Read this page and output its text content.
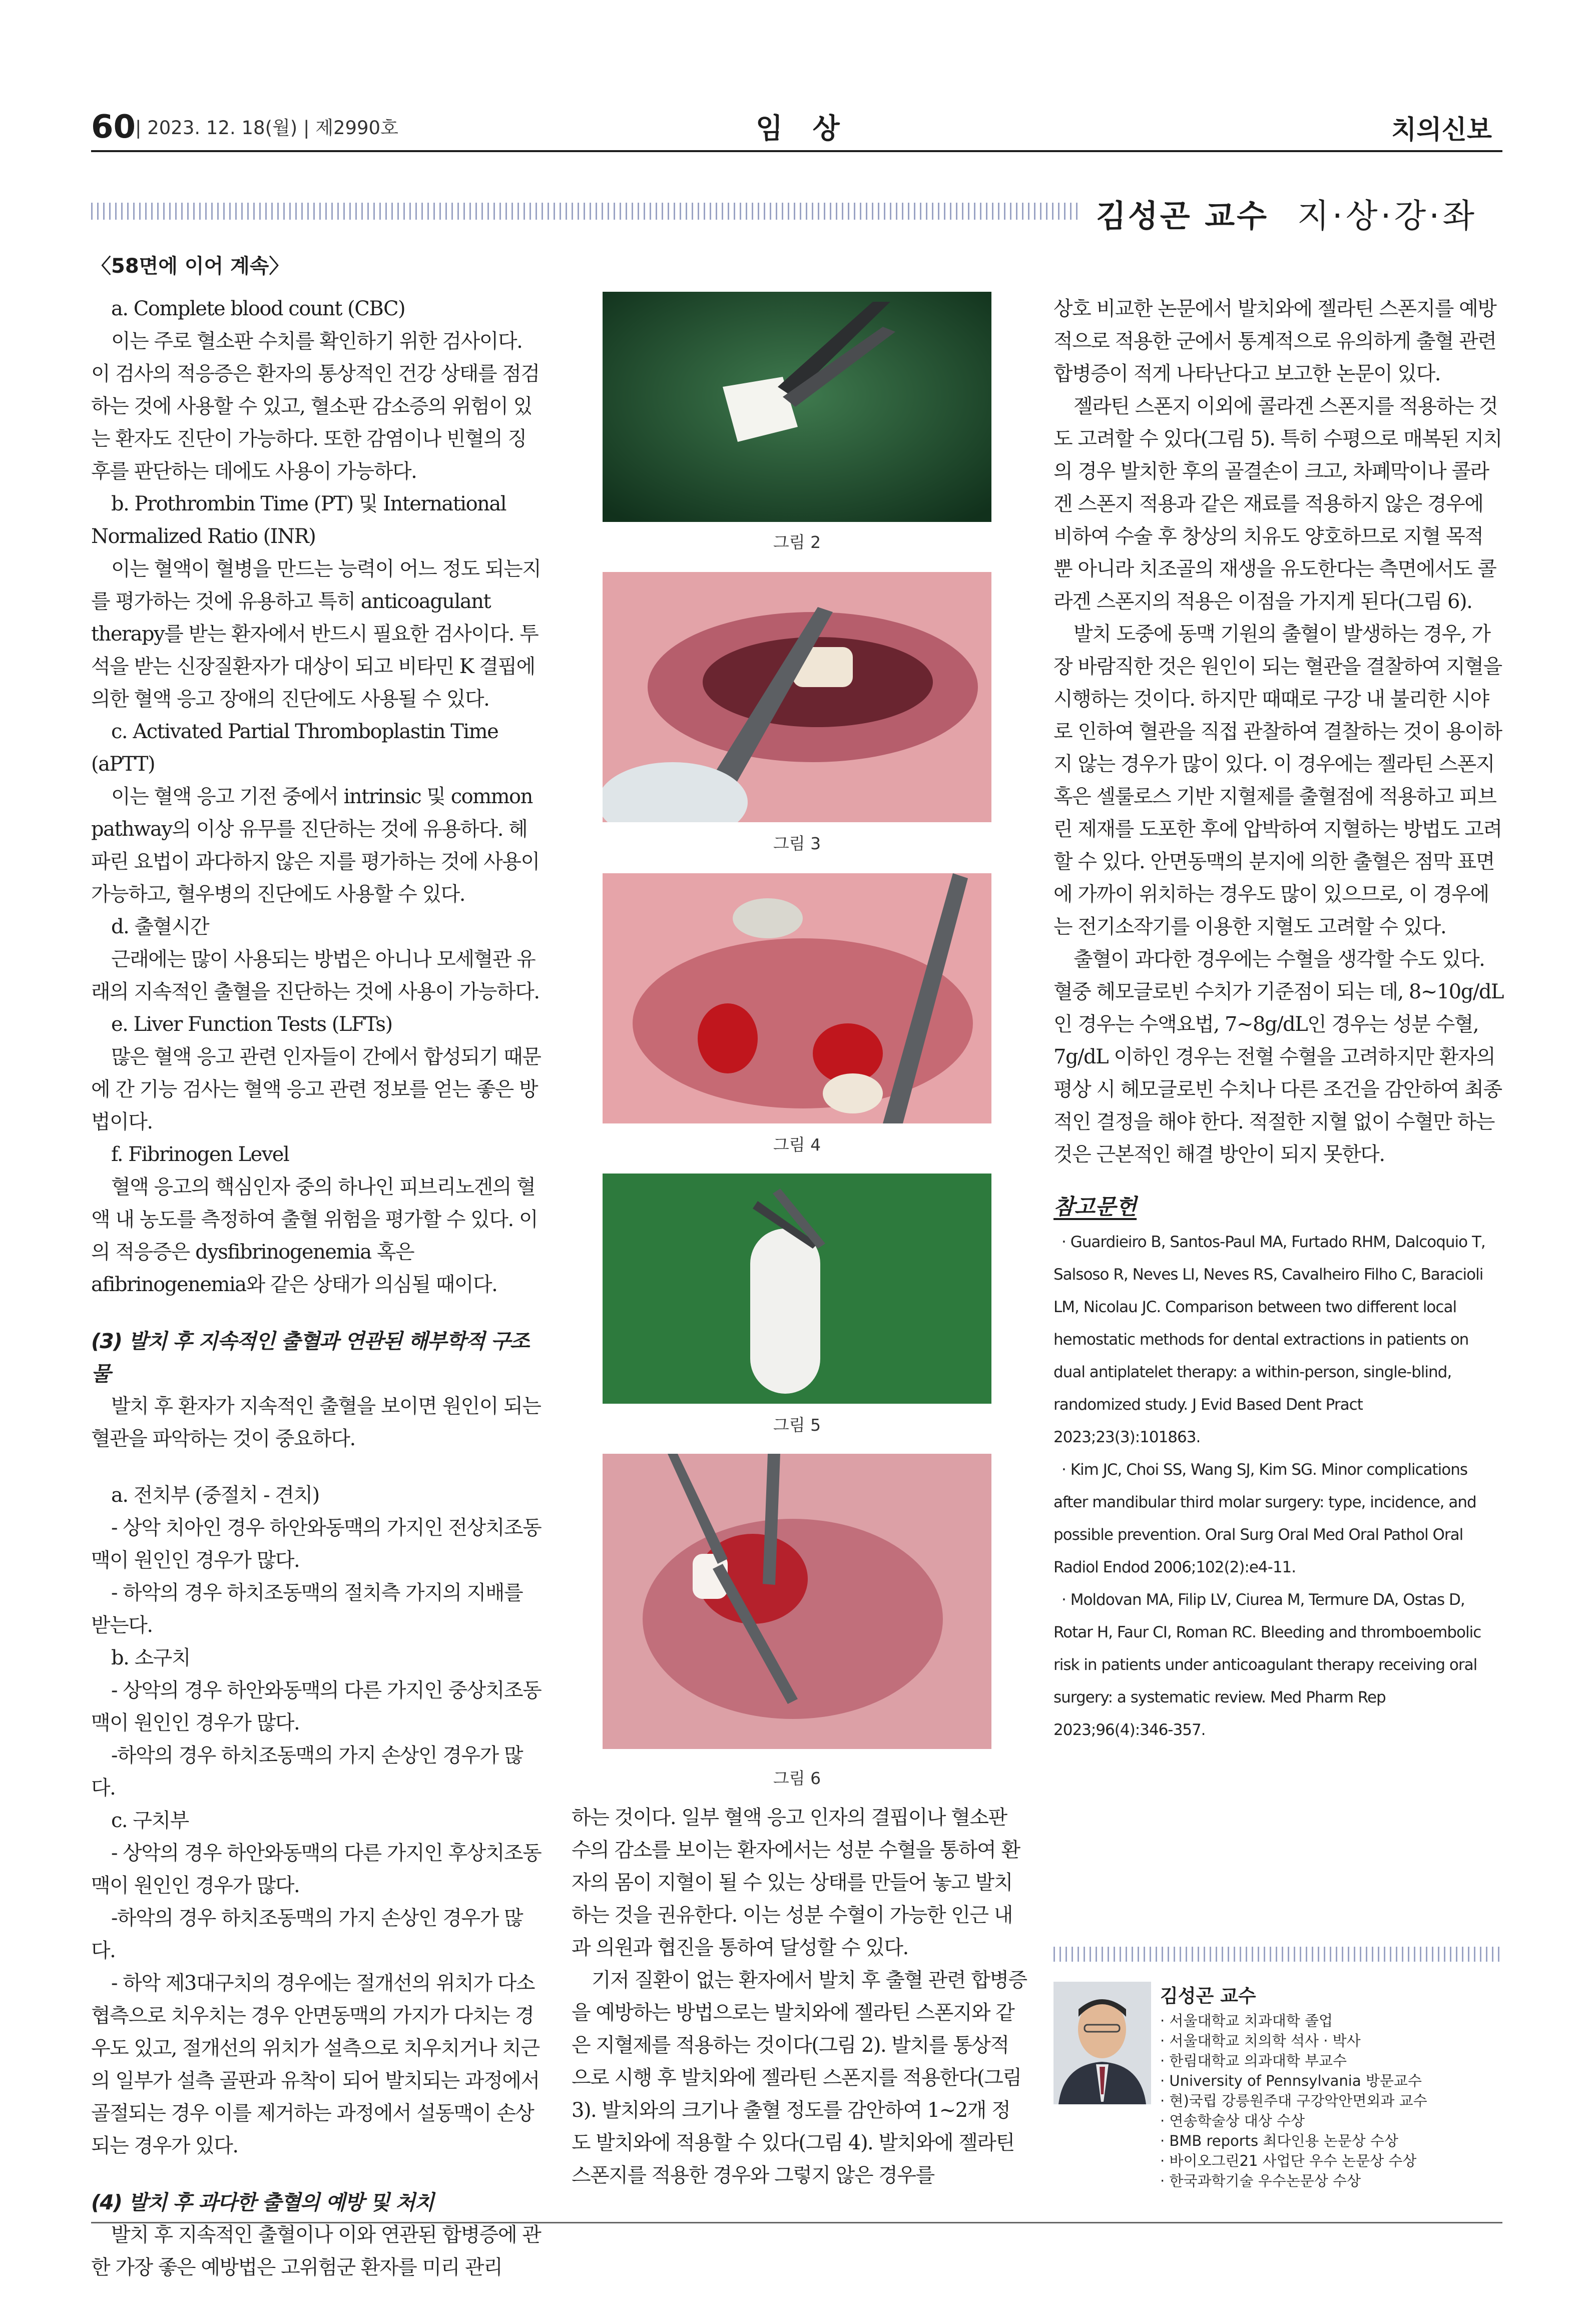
60
| 2023. 12. 18(월) | 제2990호	임 상	치의신보
김성곤 교수 지·상·강·좌
〈58면에 이어 계속〉

a. Complete blood count (CBC)

이는 주로 혈소판 수치를 확인하기 위한 검사이다. 이 검사의 적응증은 환자의 통상적인 건강 상태를 점검하는 것에 사용할 수 있고, 혈소판 감소증의 위험이 있는 환자도 진단이 가능하다. 또한 감염이나 빈혈의 징후를 판단하는 데에도 사용이 가능하다.

b. Prothrombin Time (PT) 및 International Normalized Ratio (INR)

이는 혈액이 혈병을 만드는 능력이 어느 정도 되는지를 평가하는 것에 유용하고 특히 anticoagulant therapy를 받는 환자에서 반드시 필요한 검사이다. 투석을 받는 신장질환자가 대상이 되고 비타민 K 결핍에 의한 혈액 응고 장애의 진단에도 사용될 수 있다.

c. Activated Partial Thromboplastin Time (aPTT)

이는 혈액 응고 기전 중에서 intrinsic 및 common pathway의 이상 유무를 진단하는 것에 유용하다. 헤파린 요법이 과다하지 않은 지를 평가하는 것에 사용이 가능하고, 혈우병의 진단에도 사용할 수 있다.

d. 출혈시간

근래에는 많이 사용되는 방법은 아니나 모세혈관 유래의 지속적인 출혈을 진단하는 것에 사용이 가능하다.

e. Liver Function Tests (LFTs)

많은 혈액 응고 관련 인자들이 간에서 합성되기 때문에 간 기능 검사는 혈액 응고 관련 정보를 얻는 좋은 방법이다.

f. Fibrinogen Level

혈액 응고의 핵심인자 중의 하나인 피브리노겐의 혈액 내 농도를 측정하여 출혈 위험을 평가할 수 있다. 이의 적응증은 dysfibrinogenemia 혹은 afibrinogenemia와 같은 상태가 의심될 때이다.

(3) 발치 후 지속적인 출혈과 연관된 해부학적 구조물

발치 후 환자가 지속적인 출혈을 보이면 원인이 되는 혈관을 파악하는 것이 중요하다.

a. 전치부 (중절치 - 견치)

- 상악 치아인 경우 하안와동맥의 가지인 전상치조동맥이 원인인 경우가 많다.

- 하악의 경우 하치조동맥의 절치측 가지의 지배를 받는다.

b. 소구치

- 상악의 경우 하안와동맥의 다른 가지인 중상치조동맥이 원인인 경우가 많다.

-하악의 경우 하치조동맥의 가지 손상인 경우가 많다.

c. 구치부

- 상악의 경우 하안와동맥의 다른 가지인 후상치조동맥이 원인인 경우가 많다.

-하악의 경우 하치조동맥의 가지 손상인 경우가 많다.

- 하악 제3대구치의 경우에는 절개선의 위치가 다소 협측으로 치우치는 경우 안면동맥의 가지가 다치는 경우도 있고, 절개선의 위치가 설측으로 치우치거나 치근의 일부가 설측 골판과 유착이 되어 발치되는 과정에서 골절되는 경우 이를 제거하는 과정에서 설동맥이 손상되는 경우가 있다.

(4) 발치 후 과다한 출혈의 예방 및 처치

발치 후 지속적인 출혈이나 이와 연관된 합병증에 관한 가장 좋은 예방법은 고위험군 환자를 미리 관리

그림 2
그림 3
그림 4
그림 5
그림 6

하는 것이다. 일부 혈액 응고 인자의 결핍이나 혈소판 수의 감소를 보이는 환자에서는 성분 수혈을 통하여 환자의 몸이 지혈이 될 수 있는 상태를 만들어 놓고 발치하는 것을 권유한다. 이는 성분 수혈이 가능한 인근 내과 의원과 협진을 통하여 달성할 수 있다.

기저 질환이 없는 환자에서 발치 후 출혈 관련 합병증을 예방하는 방법으로는 발치와에 젤라틴 스폰지와 같은 지혈제를 적용하는 것이다(그림 2). 발치를 통상적으로 시행 후 발치와에 젤라틴 스폰지를 적용한다(그림 3). 발치와의 크기나 출혈 정도를 감안하여 1~2개 정도 발치와에 적용할 수 있다(그림 4). 발치와에 젤라틴 스폰지를 적용한 경우와 그렇지 않은 경우를

상호 비교한 논문에서 발치와에 젤라틴 스폰지를 예방적으로 적용한 군에서 통계적으로 유의하게 출혈 관련 합병증이 적게 나타난다고 보고한 논문이 있다.

젤라틴 스폰지 이외에 콜라겐 스폰지를 적용하는 것도 고려할 수 있다(그림 5). 특히 수평으로 매복된 지치의 경우 발치한 후의 골결손이 크고, 차폐막이나 콜라겐 스폰지 적용과 같은 재료를 적용하지 않은 경우에 비하여 수술 후 창상의 치유도 양호하므로 지혈 목적 뿐 아니라 치조골의 재생을 유도한다는 측면에서도 콜라겐 스폰지의 적용은 이점을 가지게 된다(그림 6).

발치 도중에 동맥 기원의 출혈이 발생하는 경우, 가장 바람직한 것은 원인이 되는 혈관을 결찰하여 지혈을 시행하는 것이다. 하지만 때때로 구강 내 불리한 시야로 인하여 혈관을 직접 관찰하여 결찰하는 것이 용이하지 않는 경우가 많이 있다. 이 경우에는 젤라틴 스폰지 혹은 셀룰로스 기반 지혈제를 출혈점에 적용하고 피브린 제재를 도포한 후에 압박하여 지혈하는 방법도 고려할 수 있다. 안면동맥의 분지에 의한 출혈은 점막 표면에 가까이 위치하는 경우도 많이 있으므로, 이 경우에는 전기소작기를 이용한 지혈도 고려할 수 있다.

출혈이 과다한 경우에는 수혈을 생각할 수도 있다. 혈중 헤모글로빈 수치가 기준점이 되는 데, 8~10g/dL인 경우는 수액요법, 7~8g/dL인 경우는 성분 수혈, 7g/dL 이하인 경우는 전혈 수혈을 고려하지만 환자의 평상 시 헤모글로빈 수치나 다른 조건을 감안하여 최종적인 결정을 해야 한다. 적절한 지혈 없이 수혈만 하는 것은 근본적인 해결 방안이 되지 못한다.

참고문헌

· Guardieiro B, Santos-Paul MA, Furtado RHM, Dalcoquio T, Salsoso R, Neves LI, Neves RS, Cavalheiro Filho C, Baracioli LM, Nicolau JC. Comparison between two different local hemostatic methods for dental extractions in patients on dual antiplatelet therapy: a within-person, single-blind, randomized study. J Evid Based Dent Pract 2023;23(3):101863.

· Kim JC, Choi SS, Wang SJ, Kim SG. Minor complications after mandibular third molar surgery: type, incidence, and possible prevention. Oral Surg Oral Med Oral Pathol Oral Radiol Endod 2006;102(2):e4-11.

· Moldovan MA, Filip LV, Ciurea M, Termure DA, Ostas D, Rotar H, Faur CI, Roman RC. Bleeding and thromboembolic risk in patients under anticoagulant therapy receiving oral surgery: a systematic review. Med Pharm Rep 2023;96(4):346-357.

김성곤 교수
· 서울대학교 치과대학 졸업
· 서울대학교 치의학 석사 · 박사
· 한림대학교 의과대학 부교수
· University of Pennsylvania 방문교수
· 현)국립 강릉원주대 구강악안면외과 교수
· 연송학술상 대상 수상
· BMB reports 최다인용 논문상 수상
· 바이오그린21 사업단 우수 논문상 수상
· 한국과학기술 우수논문상 수상
